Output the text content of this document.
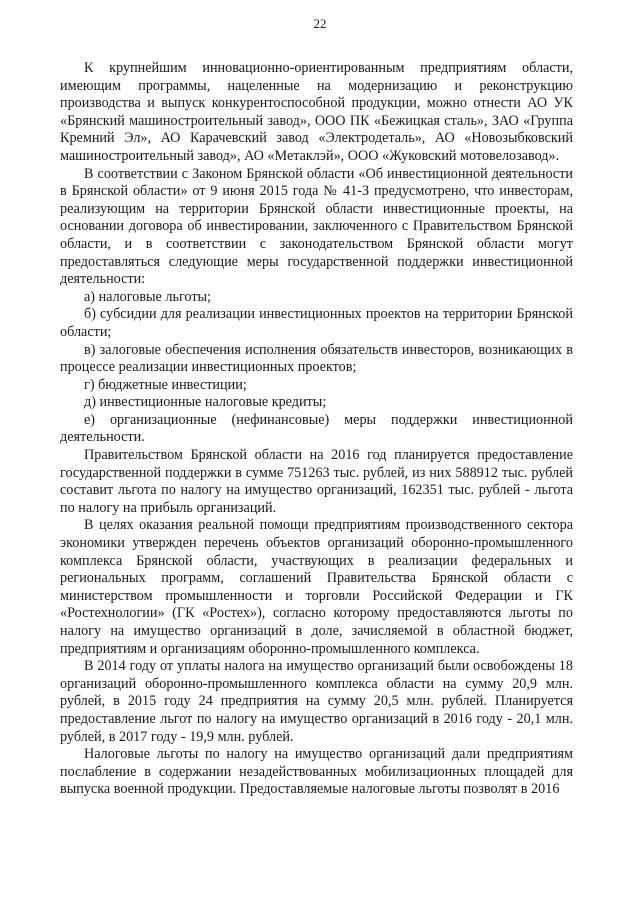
22

К крупнейшим инновационно-ориентированным предприятиям области, имеющим программы, нацеленные на модернизацию и реконструкцию производства и выпуск конкурентоспособной продукции, можно отнести АО УК «Брянский машиностроительный завод», ООО ПК «Бежицкая сталь», ЗАО «Группа Кремний Эл», АО Карачевский завод «Электродеталь», АО «Новозыбковский машиностроительный завод», АО «Метаклэй», ООО «Жуковский мотовелозавод».

В соответствии с Законом Брянской области «Об инвестиционной деятельности в Брянской области» от 9 июня 2015 года № 41-З предусмотрено, что инвесторам, реализующим на территории Брянской области инвестиционные проекты, на основании договора об инвестировании, заключенного с Правительством Брянской области, и в соответствии с законодательством Брянской области могут предоставляться следующие меры государственной поддержки инвестиционной деятельности:

а) налоговые льготы;

б) субсидии для реализации инвестиционных проектов на территории Брянской области;

в) залоговые обеспечения исполнения обязательств инвесторов, возникающих в процессе реализации инвестиционных проектов;

г) бюджетные инвестиции;

д) инвестиционные налоговые кредиты;

е) организационные (нефинансовые) меры поддержки инвестиционной деятельности.

Правительством Брянской области на 2016 год планируется предоставление государственной поддержки в сумме 751263 тыс. рублей, из них 588912 тыс. рублей составит льгота по налогу на имущество организаций, 162351 тыс. рублей - льгота по налогу на прибыль организаций.

В целях оказания реальной помощи предприятиям производственного сектора экономики утвержден перечень объектов организаций оборонно-промышленного комплекса Брянской области, участвующих в реализации федеральных и региональных программ, соглашений Правительства Брянской области с министерством промышленности и торговли Российской Федерации и ГК «Ростехнологии» (ГК «Ростех»), согласно которому предоставляются льготы по налогу на имущество организаций в доле, зачисляемой в областной бюджет, предприятиям и организациям оборонно-промышленного комплекса.

В 2014 году от уплаты налога на имущество организаций были освобождены 18 организаций оборонно-промышленного комплекса области на сумму 20,9 млн. рублей, в 2015 году 24 предприятия на сумму 20,5 млн. рублей. Планируется предоставление льгот по налогу на имущество организаций в 2016 году - 20,1 млн. рублей, в 2017 году - 19,9 млн. рублей.

Налоговые льготы по налогу на имущество организаций дали предприятиям послабление в содержании незадействованных мобилизационных площадей для выпуска военной продукции. Предоставляемые налоговые льготы позволят в 2016
